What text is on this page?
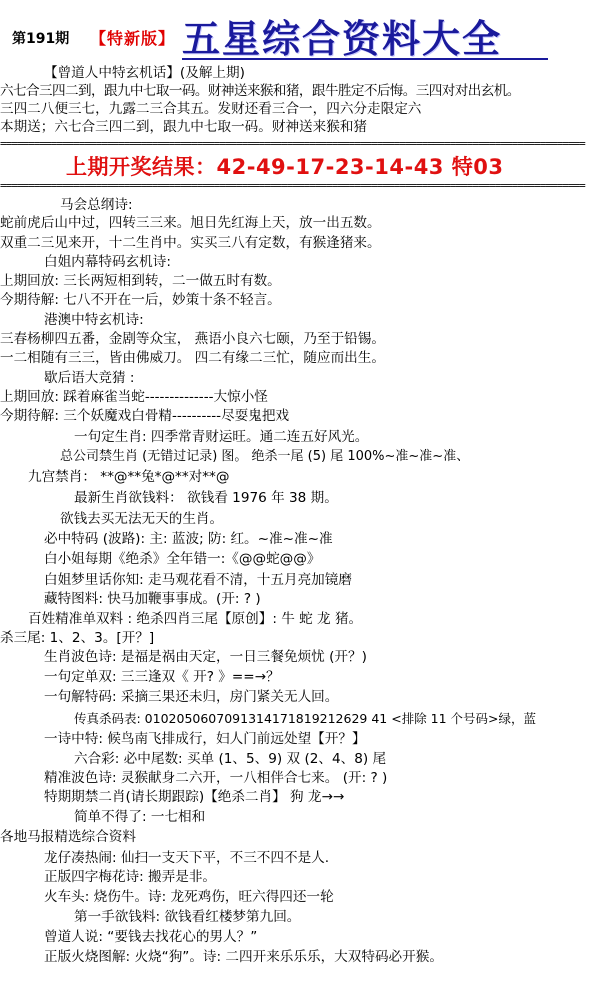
第191期 【特新版】 五星综合资料大全
【曾道人中特玄机话】(及解上期)
六七合三四二到，跟九中七取一码。财神送来猴和猪，跟牛胜定不后悔。三四对对出玄机。
三四二八便三七，九露二三合其五。发财还看三合一，四六分走限定六
本期送；六七合三四二到，跟九中七取一码。财神送来猴和猪
========================================================================================================
上期开奖结果：42-49-17-23-14-43 特03
========================================================================================================
马会总纲诗:
蛇前虎后山中过，四转三三来。旭日先红海上天，放一出五数。
双重二三见来开，十二生肖中。实买三八有定数，有猴逢猪来。
白姐内幕特码玄机诗:
上期回放: 三长两短相到转，二一做五时有数。
今期待解: 七八不开在一后，妙策十条不轻言。
港澳中特玄机诗:
三春杨柳四五番，金剧等众宝， 燕语小良六七颐，乃至于铅锡。
一二相随有三三，皆由佛威刀。 四二有缘二三忙，随应而出生。
歇后语大竞猜 :
上期回放: 踩着麻雀当蛇--------------大惊小怪
今期待解: 三个妖魔戏白骨精----------尽耍鬼把戏
一句定生肖: 四季常青财运旺。通二连五好风光。
总公司禁生肖 (无错过记录) 图。 绝杀一尾 (5) 尾 100%~准~准~准、
九宫禁肖： **@**兔*@**对**@
最新生肖欲钱料： 欲钱看 1976 年 38 期。
欲钱去买无法无天的生肖。
必中特码 (波路): 主: 蓝波; 防: 红。~准~准~准
白小姐每期《绝杀》全年错一:《@@蛇@@》
白姐梦里话你知: 走马观花看不清，十五月亮加镜磨
藏特图料: 快马加鞭事事成。(开: ? )
百姓精准单双料 : 绝杀四肖三尾【原创】: 牛 蛇 龙 猪。
杀三尾: 1、2、3。[开？]
生肖波色诗: 是福是祸由天定，一日三餐免烦忧 (开？)
一句定单双: 三三逢双《 开? 》==→？
一句解特码: 采摘三果还未归，房门紧关无人回。
传真杀码表: 0102050607091314171819212629 41 <排除 11 个号码>绿，蓝
一诗中特: 候鸟南飞排成行，妇人门前远处望【开？】
六合彩: 必中尾数: 买单 (1、5、9) 双 (2、4、8) 尾
精准波色诗: 灵猴献身二六开，一八相伴合七来。 (开: ? )
特期期禁二肖(请长期跟踪)【绝杀二肖】 狗 龙→→
简单不得了: 一七相和
各地马报精选综合资料
龙仔凑热闹: 仙扫一支天下平，不三不四不是人.
正版四字梅花诗: 搬弄是非。
火车头: 烧伤牛。诗: 龙死鸡伤，旺六得四还一轮
第一手欲钱料: 欲钱看红楼梦第九回。
曾道人说: “要钱去找花心的男人？”
正版火烧图解: 火烧“狗”。诗: 二四开来乐乐乐，大双特码必开猴。
